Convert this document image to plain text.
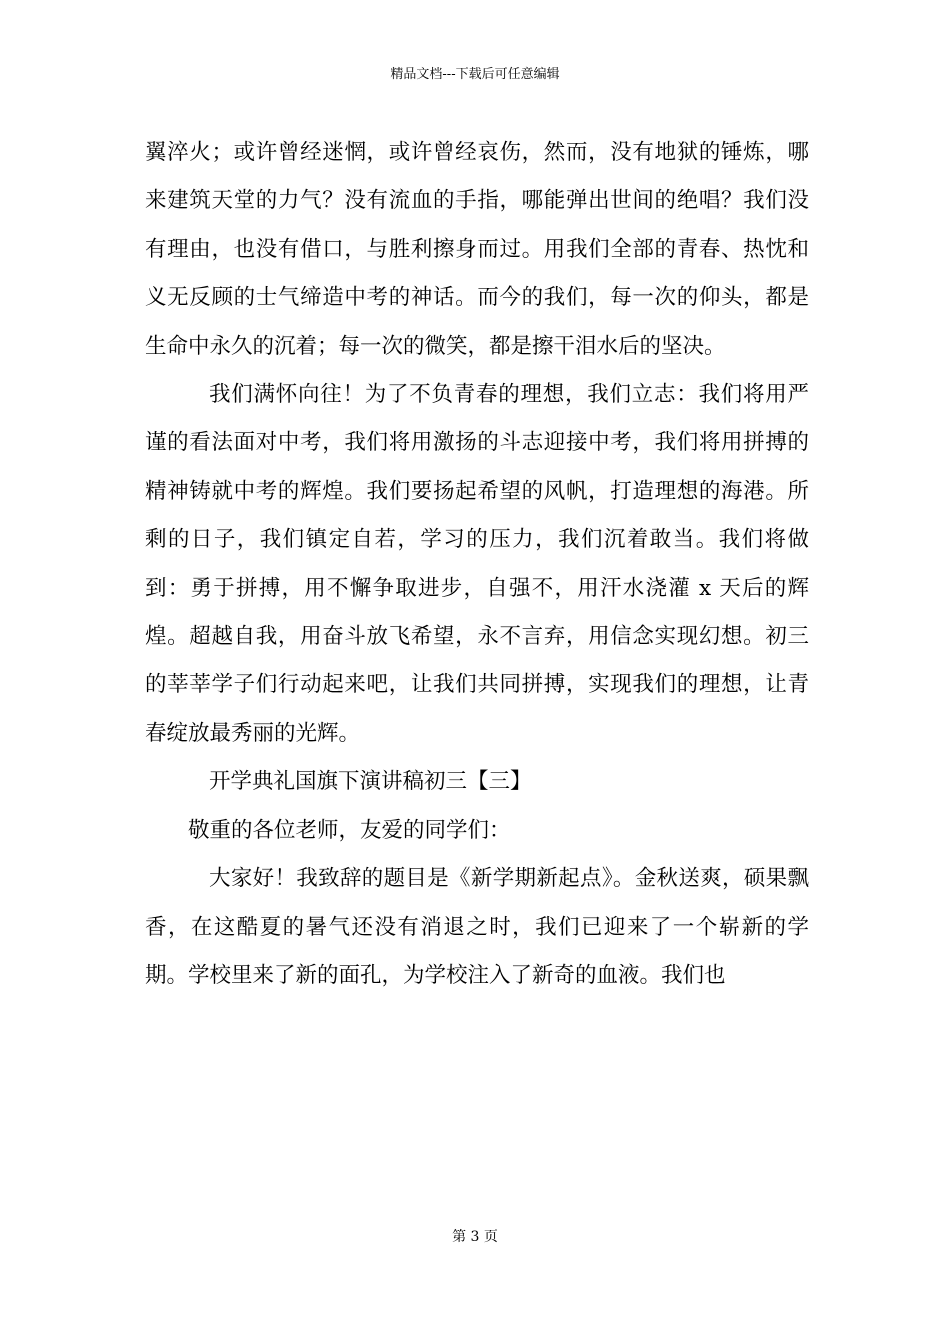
精品文档---下载后可任意编辑

翼淬火；或许曾经迷惘，或许曾经哀伤，然而，没有地狱的锤炼，哪来建筑天堂的力气？没有流血的手指，哪能弹出世间的绝唱？我们没有理由，也没有借口，与胜利擦身而过。用我们全部的青春、热忱和义无反顾的士气缔造中考的神话。而今的我们，每一次的仰头，都是生命中永久的沉着；每一次的微笑，都是擦干泪水后的坚决。

我们满怀向往！为了不负青春的理想，我们立志：我们将用严谨的看法面对中考，我们将用激扬的斗志迎接中考，我们将用拼搏的精神铸就中考的辉煌。我们要扬起希望的风帆，打造理想的海港。所剩的日子，我们镇定自若，学习的压力，我们沉着敢当。我们将做到：勇于拼搏，用不懈争取进步，自强不，用汗水浇灌 x 天后的辉煌。超越自我，用奋斗放飞希望，永不言弃，用信念实现幻想。初三的莘莘学子们行动起来吧，让我们共同拼搏，实现我们的理想，让青春绽放最秀丽的光辉。

开学典礼国旗下演讲稿初三【三】

敬重的各位老师，友爱的同学们：

大家好！我致辞的题目是《新学期新起点》。金秋送爽，硕果飘香，在这酷夏的暑气还没有消退之时，我们已迎来了一个崭新的学期。学校里来了新的面孔，为学校注入了新奇的血液。我们也

第 3 页
